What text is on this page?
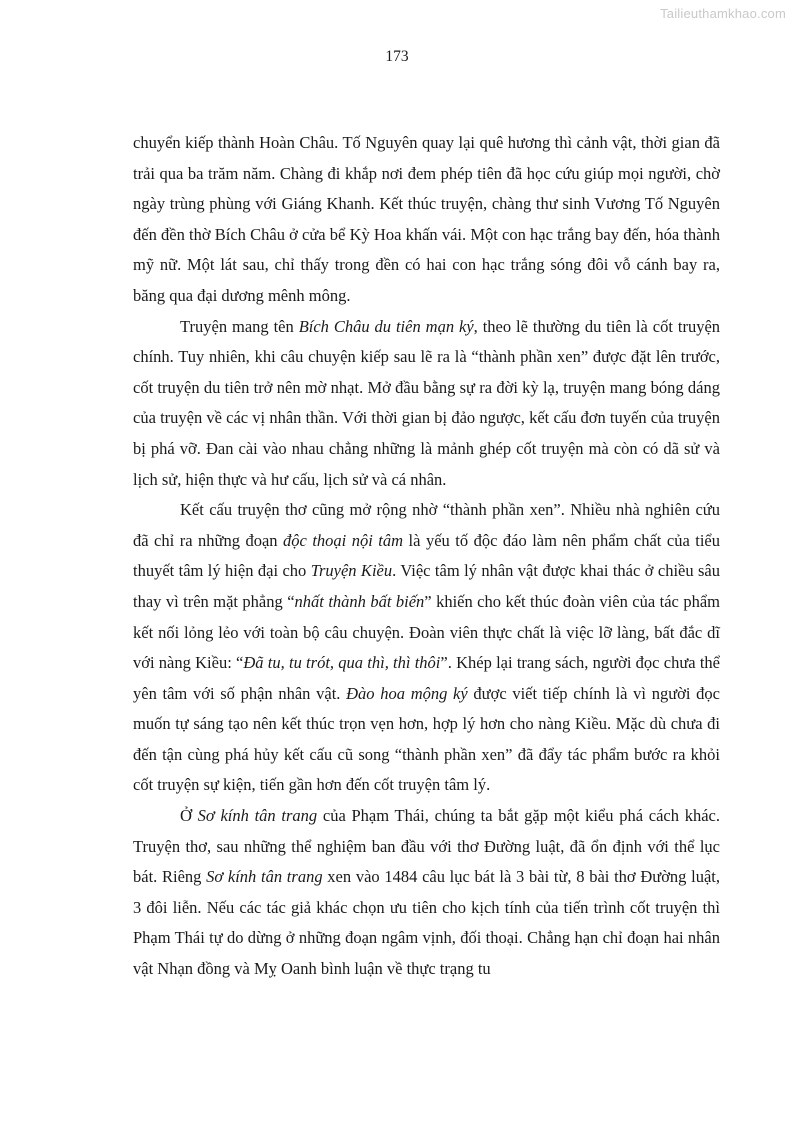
Tailieuthamkhao.com
173

chuyển kiếp thành Hoàn Châu. Tố Nguyên quay lại quê hương thì cảnh vật, thời gian đã trải qua ba trăm năm. Chàng đi khắp nơi đem phép tiên đã học cứu giúp mọi người, chờ ngày trùng phùng với Giáng Khanh. Kết thúc truyện, chàng thư sinh Vương Tố Nguyên đến đền thờ Bích Châu ở cửa bể Kỳ Hoa khấn vái. Một con hạc trắng bay đến, hóa thành mỹ nữ. Một lát sau, chỉ thấy trong đền có hai con hạc trắng sóng đôi vỗ cánh bay ra, băng qua đại dương mênh mông.

Truyện mang tên Bích Châu du tiên mạn ký, theo lẽ thường du tiên là cốt truyện chính. Tuy nhiên, khi câu chuyện kiếp sau lẽ ra là “thành phần xen” được đặt lên trước, cốt truyện du tiên trở nên mờ nhạt. Mở đầu bằng sự ra đời kỳ lạ, truyện mang bóng dáng của truyện về các vị nhân thần. Với thời gian bị đảo ngược, kết cấu đơn tuyến của truyện bị phá vỡ. Đan cài vào nhau chẳng những là mảnh ghép cốt truyện mà còn có dã sử và lịch sử, hiện thực và hư cấu, lịch sử và cá nhân.

Kết cấu truyện thơ cũng mở rộng nhờ “thành phần xen”. Nhiều nhà nghiên cứu đã chỉ ra những đoạn độc thoại nội tâm là yếu tố độc đáo làm nên phẩm chất của tiểu thuyết tâm lý hiện đại cho Truyện Kiều. Việc tâm lý nhân vật được khai thác ở chiều sâu thay vì trên mặt phẳng “nhất thành bất biến” khiến cho kết thúc đoàn viên của tác phẩm kết nối lỏng lẻo với toàn bộ câu chuyện. Đoàn viên thực chất là việc lỡ làng, bất đắc dĩ với nàng Kiều: “Đã tu, tu trót, qua thì, thì thôi”. Khép lại trang sách, người đọc chưa thể yên tâm với số phận nhân vật. Đào hoa mộng ký được viết tiếp chính là vì người đọc muốn tự sáng tạo nên kết thúc trọn vẹn hơn, hợp lý hơn cho nàng Kiều. Mặc dù chưa đi đến tận cùng phá hủy kết cấu cũ song “thành phần xen” đã đẩy tác phẩm bước ra khỏi cốt truyện sự kiện, tiến gần hơn đến cốt truyện tâm lý.

Ở Sơ kính tân trang của Phạm Thái, chúng ta bắt gặp một kiểu phá cách khác. Truyện thơ, sau những thể nghiệm ban đầu với thơ Đường luật, đã ổn định với thể lục bát. Riêng Sơ kính tân trang xen vào 1484 câu lục bát là 3 bài từ, 8 bài thơ Đường luật, 3 đôi liễn. Nếu các tác giả khác chọn ưu tiên cho kịch tính của tiến trình cốt truyện thì Phạm Thái tự do dừng ở những đoạn ngâm vịnh, đối thoại. Chẳng hạn chỉ đoạn hai nhân vật Nhạn đồng và Mỵ Oanh bình luận về thực trạng tu
